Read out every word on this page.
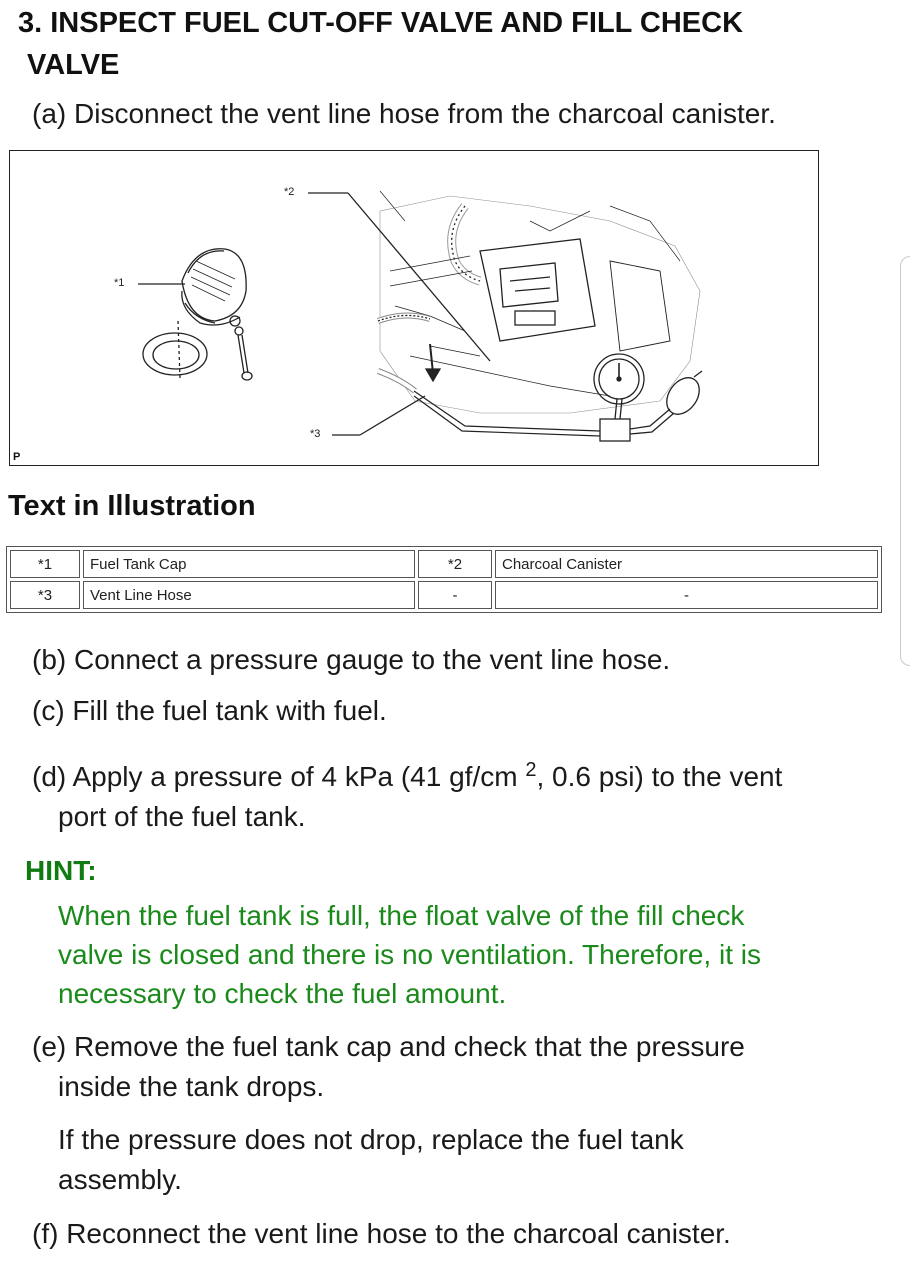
3. INSPECT FUEL CUT-OFF VALVE AND FILL CHECK
VALVE
(a) Disconnect the vent line hose from the charcoal canister.
*1
*2
*3
P
Text in Illustration
*1	Fuel Tank Cap	*2	Charcoal Canister
*3	Vent Line Hose	-	-
(b) Connect a pressure gauge to the vent line hose.
(c) Fill the fuel tank with fuel.
(d) Apply a pressure of 4 kPa (41 gf/cm $^2$, 0.6 psi) to the vent
port of the fuel tank.
HINT:
When the fuel tank is full, the float valve of the fill check
valve is closed and there is no ventilation. Therefore, it is
necessary to check the fuel amount.
(e) Remove the fuel tank cap and check that the pressure
inside the tank drops.
If the pressure does not drop, replace the fuel tank
assembly.
(f) Reconnect the vent line hose to the charcoal canister.
